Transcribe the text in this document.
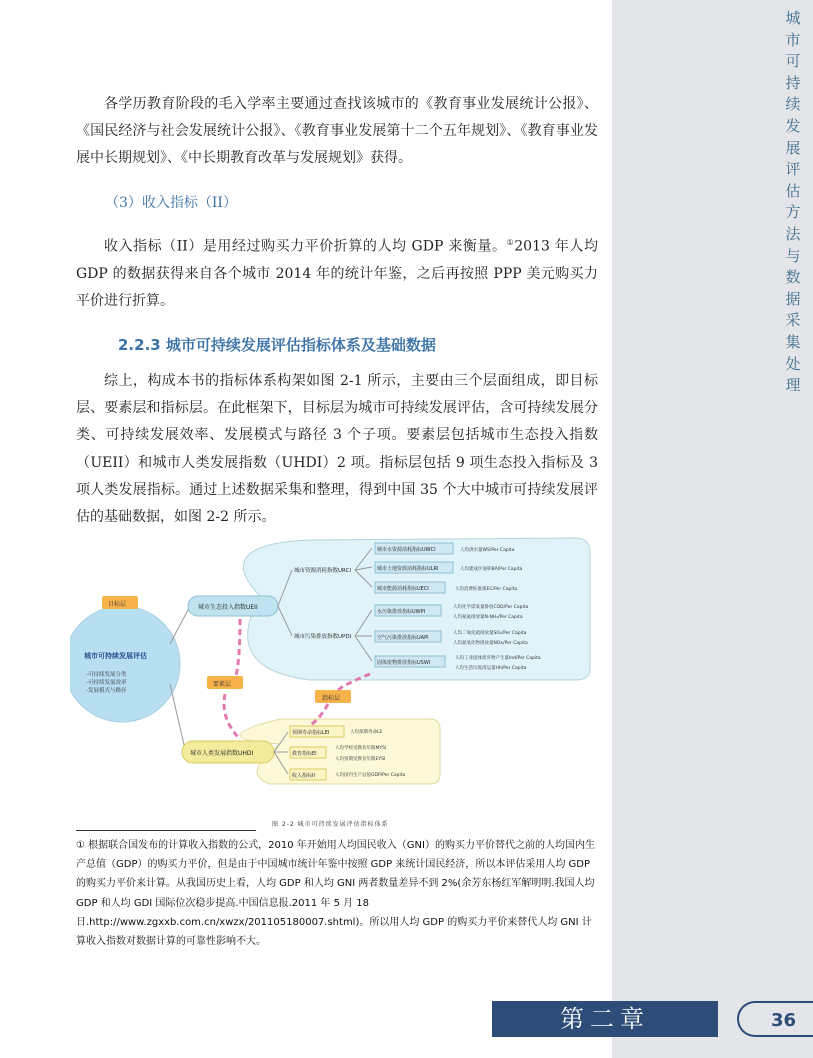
城
市
可
持
续
发
展
评
估
方
法
与
数
据
采
集
处
理

各学历教育阶段的毛入学率主要通过查找该城市的《教育事业发展统计公报》、《国民经济与社会发展统计公报》、《教育事业发展第十二个五年规划》、《教育事业发展中长期规划》、《中长期教育改革与发展规划》获得。

（3）收入指标（II）

收入指标（II）是用经过购买力平价折算的人均 GDP 来衡量。①2013 年人均 GDP 的数据获得来自各个城市 2014 年的统计年鉴，之后再按照 PPP 美元购买力平价进行折算。

2.2.3 城市可持续发展评估指标体系及基础数据

综上，构成本书的指标体系构架如图 2-1 所示，主要由三个层面组成，即目标层、要素层和指标层。在此框架下，目标层为城市可持续发展评估，含可持续发展分类、可持续发展效率、发展模式与路径 3 个子项。要素层包括城市生态投入指数（UEII）和城市人类发展指数（UHDI）2 项。指标层包括 9 项生态投入指标及 3 项人类发展指标。通过上述数据采集和整理，得到中国 35 个大中城市可持续发展评估的基础数据，如图 2-2 所示。

城市可持续发展评估
-可持续发展分类
-可持续发展效率
-发展模式与路径
目标层
要素层
指标层
城市生态投入指数UEII
城市资源消耗指数URCI
城市污染排放指数UPDI
城市水资源消耗指标UWCI
城市土地资源消耗指标ULRI
城市能源消耗指标UECI
水污染排放指标UWPI
空气污染排放指标UAPI
固体废物排放指标USWI
人均供水量WS/Per Capita
人均建成区面积BA/Per Capita
人均消费标准煤EC/Per Capita
人均化学需氧量排放COD/Per Capita
人均氨氮排放量N-NH₄/Per Capita
人均二氧化硫排放量SO₂/Per Capita
人均氮氧化物排放量NOx/Per Capita
人均工业固体废弃物产生量Ind/Per Capita
人均生活垃圾清运量Hh/Per Capita
城市人类发展指数UHDI
预期寿命指标LEI
教育指标EI
收入指标II
人均预期寿命LE
人均学校受教育年限MYSI
人均预期受教育年限EYSI
人均国内生产总值GDP/Per Capita
图 2-2 城市可持续发展评估指标体系

① 根据联合国发布的计算收入指数的公式，2010 年开始用人均国民收入（GNI）的购买力平价替代之前的人均国内生产总值（GDP）的购买力平价，但是由于中国城市统计年鉴中按照 GDP 来统计国民经济，所以本评估采用人均 GDP 的购买力平价来计算。从我国历史上看，人均 GDP 和人均 GNI 两者数量差异不到 2%(余芳东杨红军解明明.我国人均 GDP 和人均 GDI 国际位次稳步提高.中国信息报.2011 年 5 月 18 日.http://www.zgxxb.com.cn/xwzx/201105180007.shtml)。所以用人均 GDP 的购买力平价来替代人均 GNI 计算收入指数对数据计算的可靠性影响不大。

第二章	36
